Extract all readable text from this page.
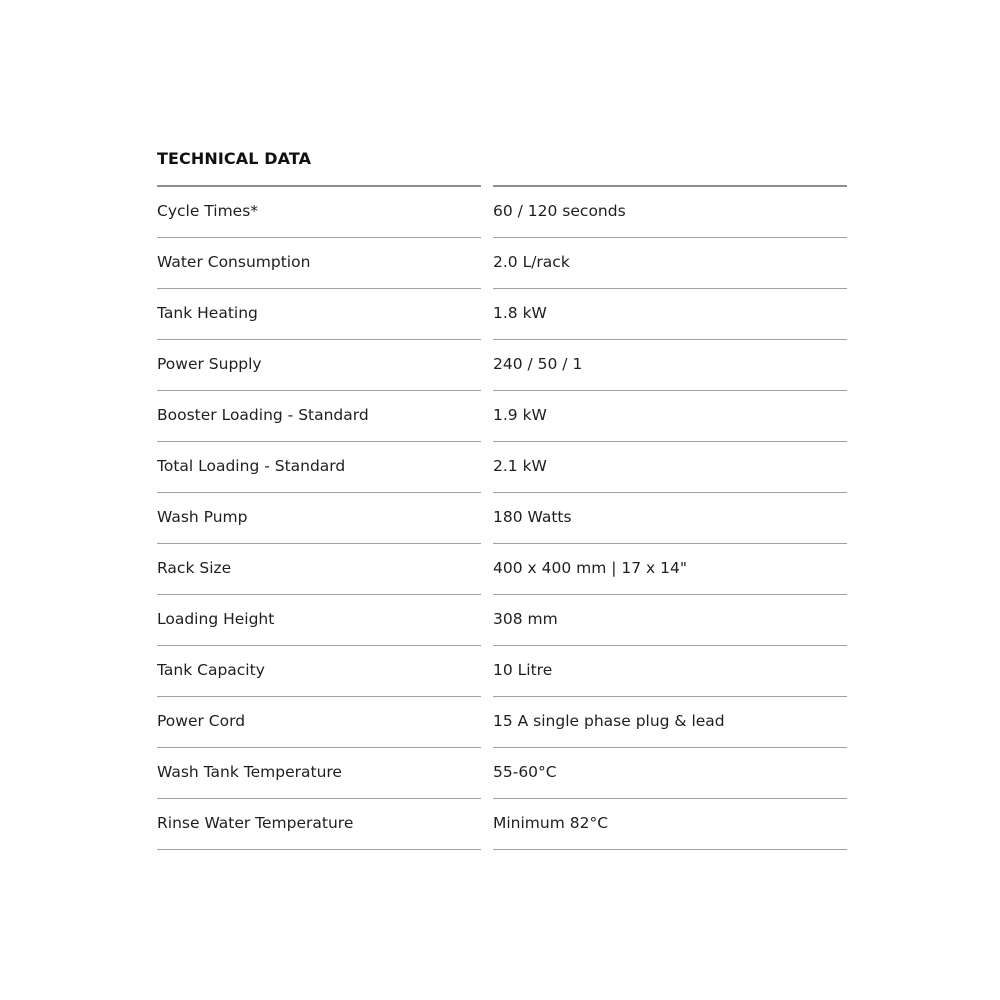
TECHNICAL DATA
Cycle Times*	60 / 120 seconds
Water Consumption	2.0 L/rack
Tank Heating	1.8 kW
Power Supply	240 / 50 / 1
Booster Loading - Standard	1.9 kW
Total Loading - Standard	2.1 kW
Wash Pump	180 Watts
Rack Size	400 x 400 mm | 17 x 14"
Loading Height	308 mm
Tank Capacity	10 Litre
Power Cord	15 A single phase plug & lead
Wash Tank Temperature	55-60°C
Rinse Water Temperature	Minimum 82°C
